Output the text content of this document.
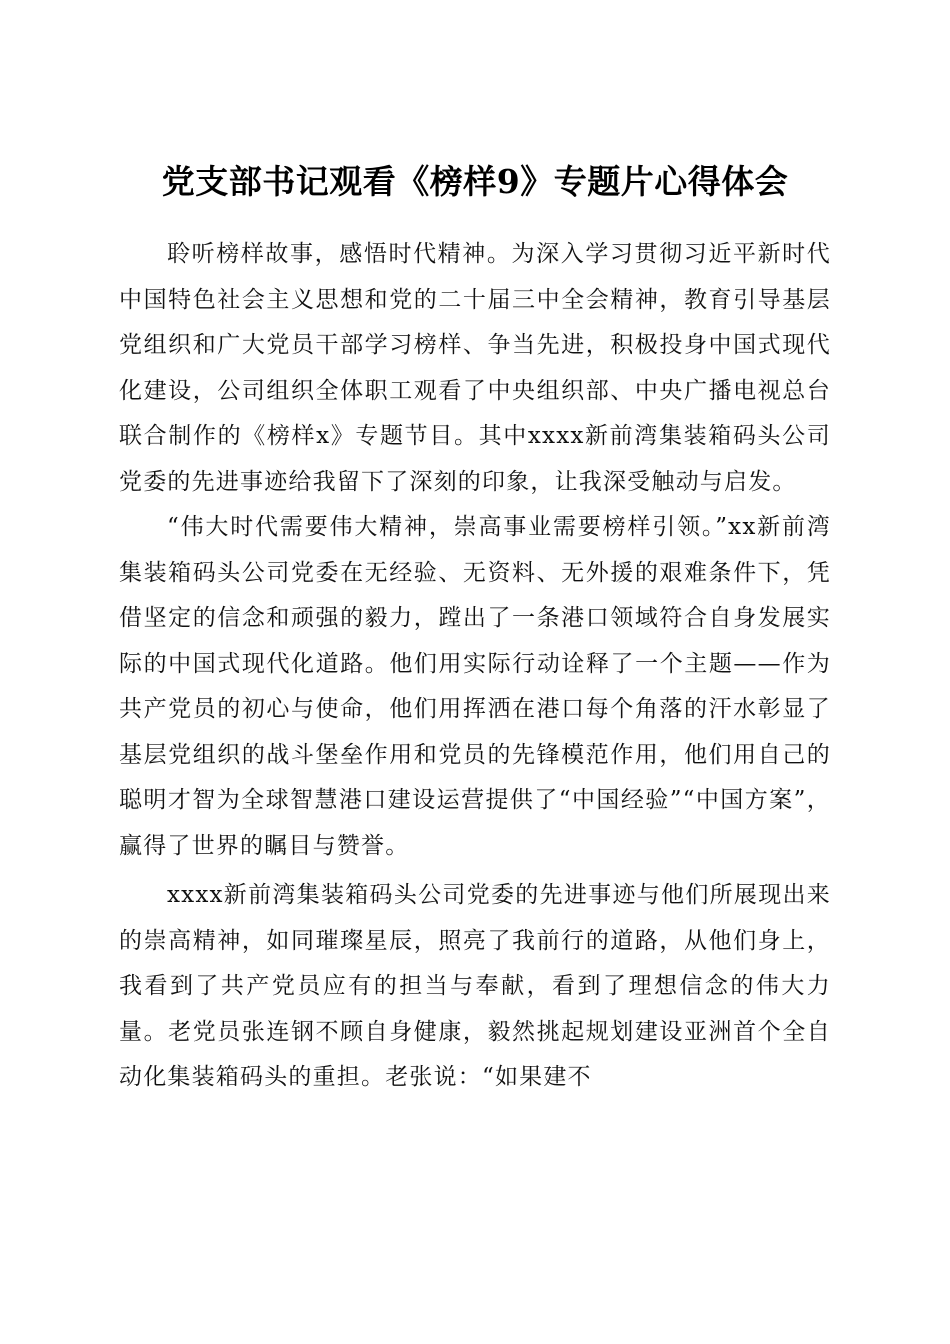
党支部书记观看《榜样9》专题片心得体会

聆听榜样故事，感悟时代精神。为深入学习贯彻习近平新时代中国特色社会主义思想和党的二十届三中全会精神，教育引导基层党组织和广大党员干部学习榜样、争当先进，积极投身中国式现代化建设，公司组织全体职工观看了中央组织部、中央广播电视总台联合制作的《榜样x》专题节目。其中xxxx新前湾集装箱码头公司党委的先进事迹给我留下了深刻的印象，让我深受触动与启发。

“伟大时代需要伟大精神，崇高事业需要榜样引领。”xx新前湾集装箱码头公司党委在无经验、无资料、无外援的艰难条件下，凭借坚定的信念和顽强的毅力，蹚出了一条港口领域符合自身发展实际的中国式现代化道路。他们用实际行动诠释了一个主题——作为共产党员的初心与使命，他们用挥洒在港口每个角落的汗水彰显了基层党组织的战斗堡垒作用和党员的先锋模范作用，他们用自己的聪明才智为全球智慧港口建设运营提供了“中国经验”“中国方案”，赢得了世界的瞩目与赞誉。

xxxx新前湾集装箱码头公司党委的先进事迹与他们所展现出来的崇高精神，如同璀璨星辰，照亮了我前行的道路，从他们身上，我看到了共产党员应有的担当与奉献，看到了理想信念的伟大力量。老党员张连钢不顾自身健康，毅然挑起规划建设亚洲首个全自动化集装箱码头的重担。老张说：“如果建不
